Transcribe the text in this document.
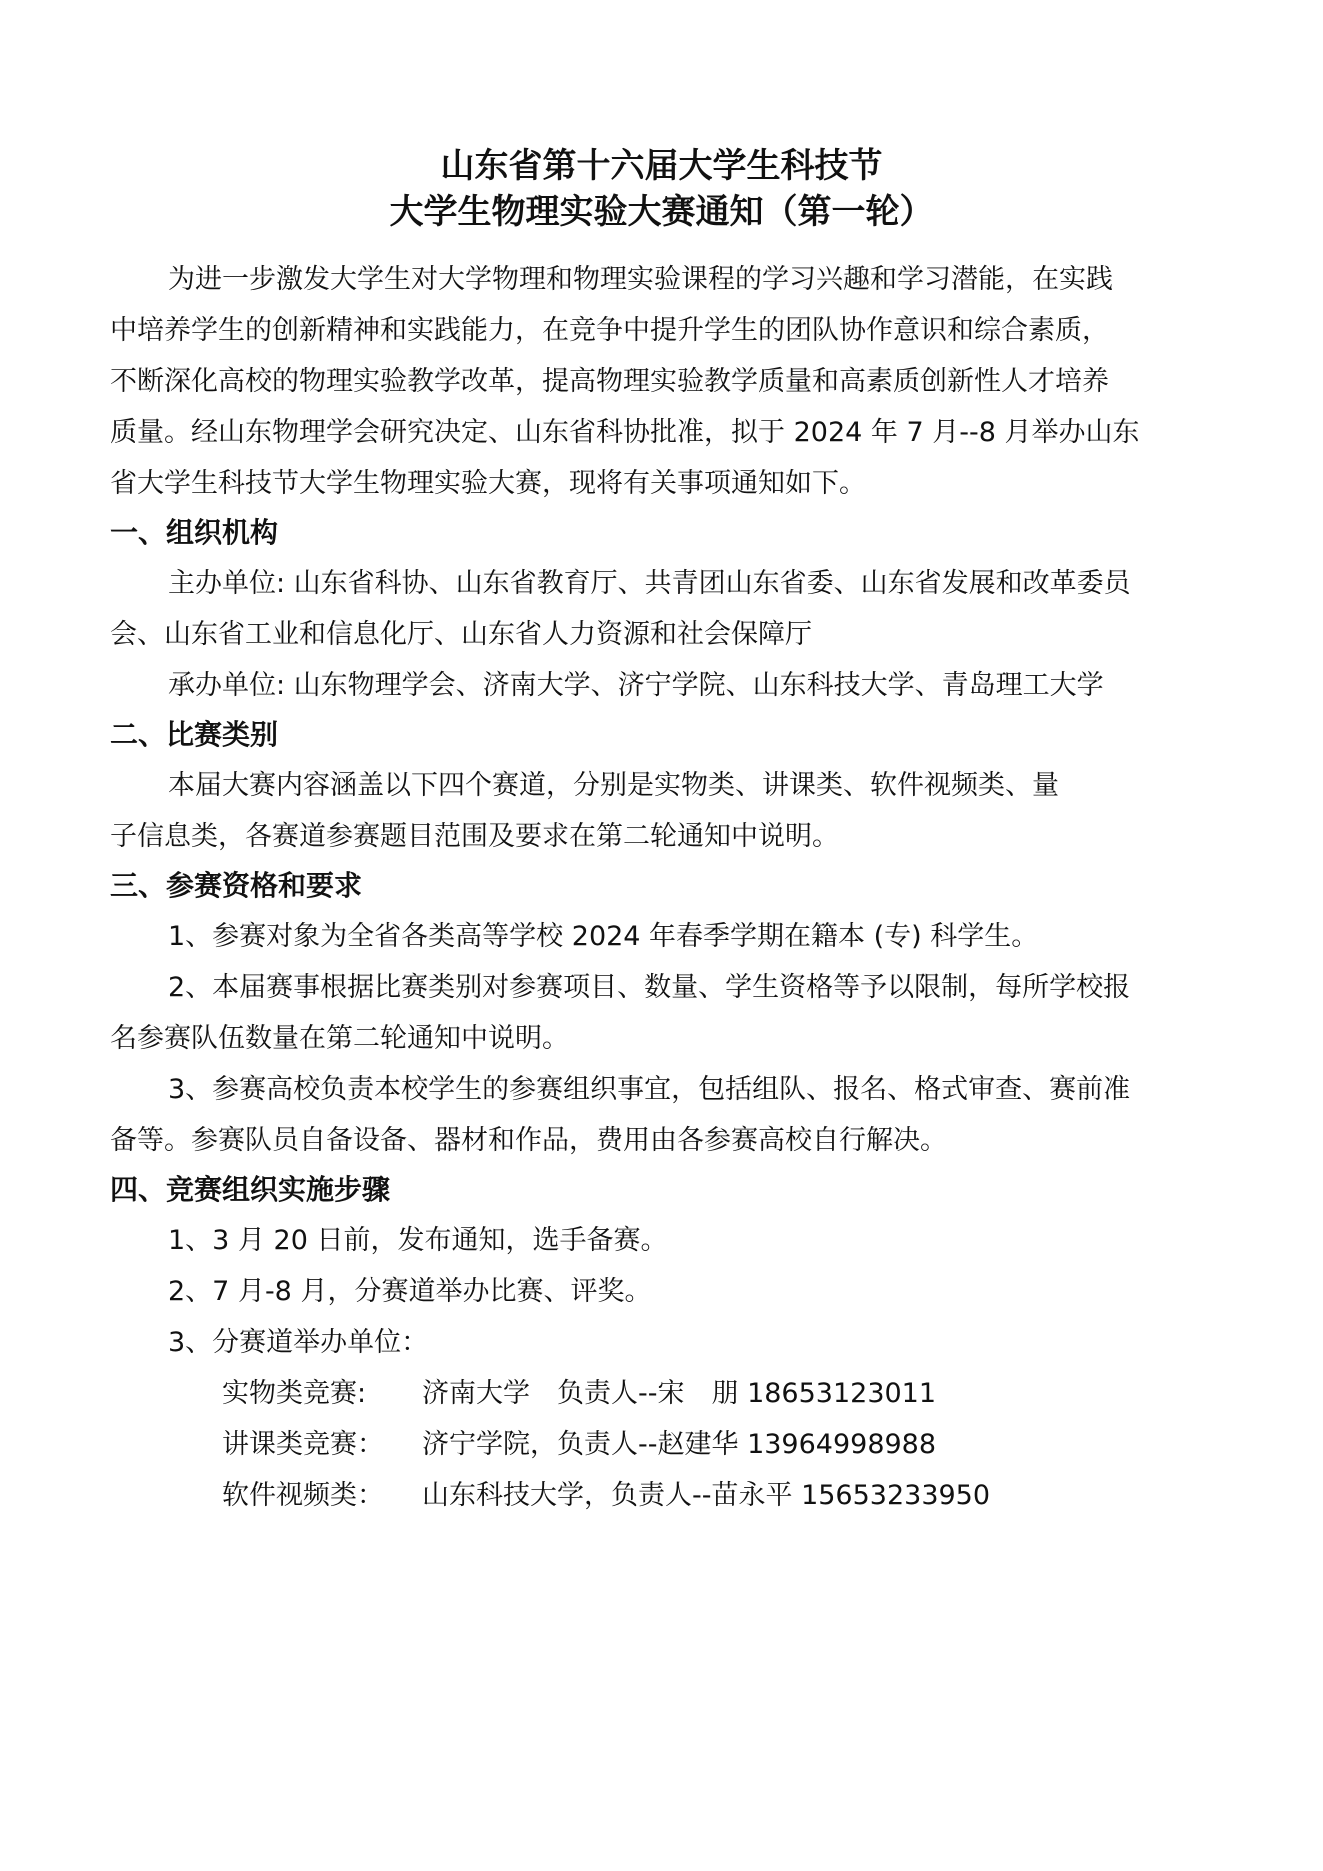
山东省第十六届大学生科技节
大学生物理实验大赛通知（第一轮）
为进一步激发大学生对大学物理和物理实验课程的学习兴趣和学习潜能，在实践
中培养学生的创新精神和实践能力，在竞争中提升学生的团队协作意识和综合素质，
不断深化高校的物理实验教学改革，提高物理实验教学质量和高素质创新性人才培养
质量。经山东物理学会研究决定、山东省科协批准，拟于 2024 年 7 月--8 月举办山东
省大学生科技节大学生物理实验大赛，现将有关事项通知如下。
一、组织机构
主办单位: 山东省科协、山东省教育厅、共青团山东省委、山东省发展和改革委员
会、山东省工业和信息化厅、山东省人力资源和社会保障厅
承办单位: 山东物理学会、济南大学、济宁学院、山东科技大学、青岛理工大学
二、比赛类别
本届大赛内容涵盖以下四个赛道，分别是实物类、讲课类、软件视频类、量
子信息类，各赛道参赛题目范围及要求在第二轮通知中说明。
三、参赛资格和要求
1、参赛对象为全省各类高等学校 2024 年春季学期在籍本 (专) 科学生。
2、本届赛事根据比赛类别对参赛项目、数量、学生资格等予以限制，每所学校报
名参赛队伍数量在第二轮通知中说明。
3、参赛高校负责本校学生的参赛组织事宜，包括组队、报名、格式审查、赛前准
备等。参赛队员自备设备、器材和作品，费用由各参赛高校自行解决。
四、竞赛组织实施步骤
1、3 月 20 日前，发布通知，选手备赛。
2、7 月-8 月，分赛道举办比赛、评奖。
3、分赛道举办单位：
实物类竞赛: 济南大学　负责人--宋　朋 18653123011
讲课类竞赛： 济宁学院，负责人--赵建华 13964998988
软件视频类： 山东科技大学，负责人--苗永平 15653233950
